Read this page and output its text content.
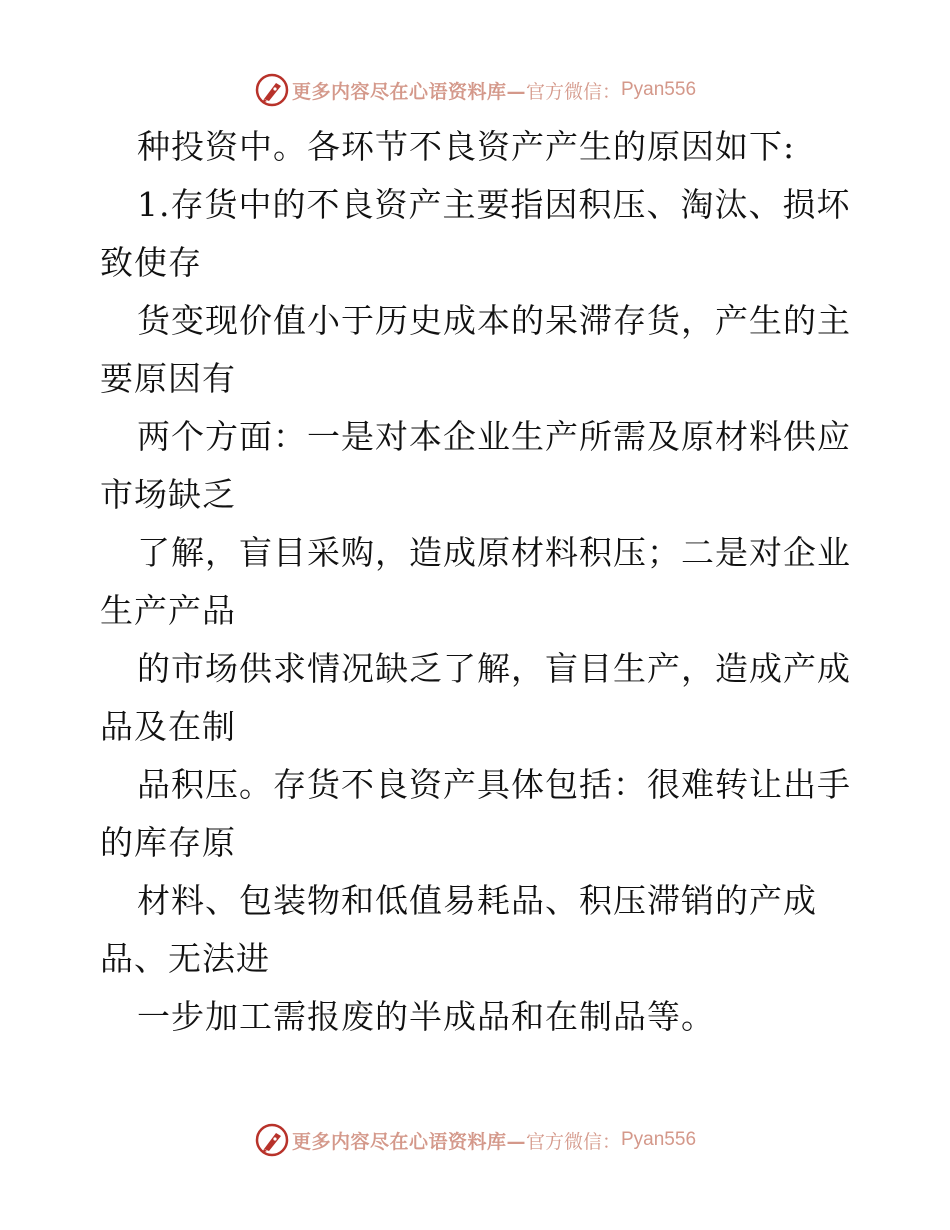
更多内容尽在心语资料库— 官方微信： Pyan556
种投资中。各环节不良资产产生的原因如下:
1.存货中的不良资产主要指因积压、淘汰、损坏
致使存
货变现价值小于历史成本的呆滞存货，产生的主
要原因有
两个方面：一是对本企业生产所需及原材料供应
市场缺乏
了解，盲目采购，造成原材料积压；二是对企业
生产产品
的市场供求情况缺乏了解，盲目生产，造成产成
品及在制
品积压。存货不良资产具体包括：很难转让出手
的库存原
材料、包装物和低值易耗品、积压滞销的产成
品、无法进
一步加工需报废的半成品和在制品等。
更多内容尽在心语资料库— 官方微信： Pyan556
